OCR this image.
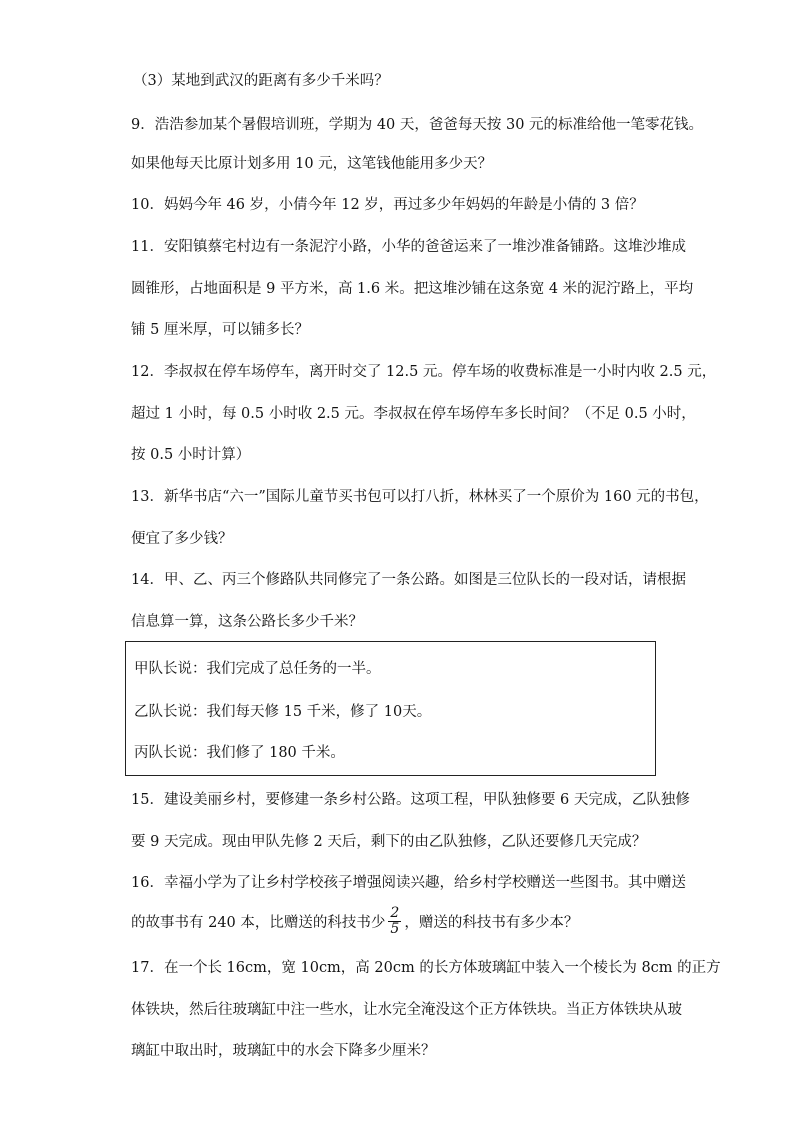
（3）某地到武汉的距离有多少千米吗？
9．浩浩参加某个暑假培训班，学期为 40 天，爸爸每天按 30 元的标准给他一笔零花钱。
如果他每天比原计划多用 10 元，这笔钱他能用多少天？
10．妈妈今年 46 岁，小倩今年 12 岁，再过多少年妈妈的年龄是小倩的 3 倍？
11．安阳镇蔡宅村边有一条泥泞小路，小华的爸爸运来了一堆沙准备铺路。这堆沙堆成
圆锥形，占地面积是 9 平方米，高 1.6 米。把这堆沙铺在这条宽 4 米的泥泞路上，平均
铺 5 厘米厚，可以铺多长？
12．李叔叔在停车场停车，离开时交了 12.5 元。停车场的收费标准是一小时内收 2.5 元，
超过 1 小时，每 0.5 小时收 2.5 元。李叔叔在停车场停车多长时间？（不足 0.5 小时，
按 0.5 小时计算）
13．新华书店“六一”国际儿童节买书包可以打八折，林林买了一个原价为 160 元的书包，
便宜了多少钱？
14．甲、乙、丙三个修路队共同修完了一条公路。如图是三位队长的一段对话，请根据
信息算一算，这条公路长多少千米？
甲队长说：我们完成了总任务的一半。
乙队长说：我们每天修 15 千米，修了 10天。
丙队长说：我们修了 180 千米。
15．建设美丽乡村，要修建一条乡村公路。这项工程，甲队独修要 6 天完成，乙队独修
要 9 天完成。现由甲队先修 2 天后，剩下的由乙队独修，乙队还要修几天完成？
16．幸福小学为了让乡村学校孩子增强阅读兴趣，给乡村学校赠送一些图书。其中赠送
的故事书有 240 本，比赠送的科技书少 $\frac{2}{5}$ ，赠送的科技书有多少本？
17．在一个长 16cm，宽 10cm，高 20cm 的长方体玻璃缸中装入一个棱长为 8cm 的正方
体铁块，然后往玻璃缸中注一些水，让水完全淹没这个正方体铁块。当正方体铁块从玻
璃缸中取出时，玻璃缸中的水会下降多少厘米？
